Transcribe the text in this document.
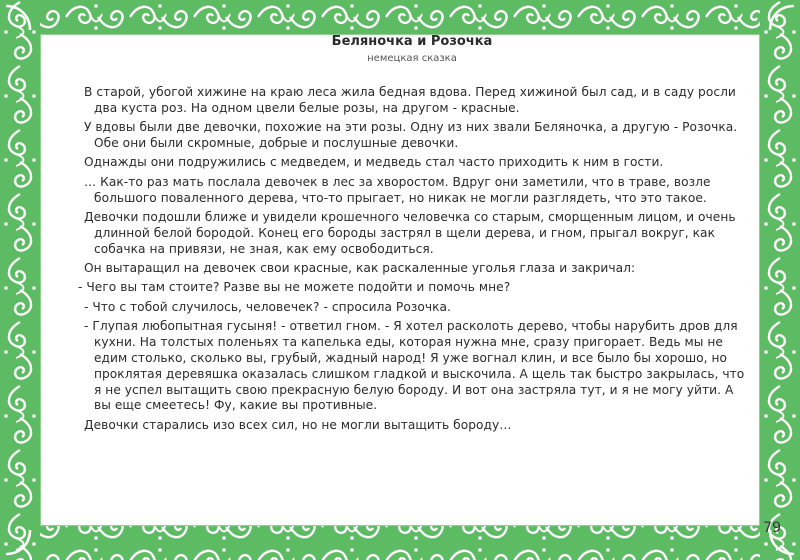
Беляночка и Розочка

немецкая сказка

В старой, убогой хижине на краю леса жила бедная вдова. Перед хижиной был сад, и в саду росли два куста роз. На одном цвели белые розы, на другом - красные.

У вдовы были две девочки, похожие на эти розы. Одну из них звали Беляночка, а другую - Розочка. Обе они были скромные, добрые и послушные девочки.

Однажды они подружились с медведем, и медведь стал часто приходить к ним в гости.

… Как-то раз мать послала девочек в лес за хворостом. Вдруг они заметили, что в траве, возле большого поваленного дерева, что-то прыгает, но никак не могли разглядеть, что это такое.

Девочки подошли ближе и увидели крошечного человечка со старым, сморщенным лицом, и очень длинной белой бородой. Конец его бороды застрял в щели дерева, и гном, прыгал вокруг, как собачка на привязи, не зная, как ему освободиться.

Он вытаращил на девочек свои красные, как раскаленные уголья глаза и закричал:

- Чего вы там стоите? Разве вы не можете подойти и помочь мне?

- Что с тобой случилось, человечек? - спросила Розочка.

- Глупая любопытная гусыня! - ответил гном. - Я хотел расколоть дерево, чтобы нарубить дров для кухни. На толстых поленьях та капелька еды, которая нужна мне, сразу пригорает. Ведь мы не едим столько, сколько вы, грубый, жадный народ! Я уже вогнал клин, и все было бы хорошо, но проклятая деревяшка оказалась слишком гладкой и выскочила. А щель так быстро закрылась, что я не успел вытащить свою прекрасную белую бороду. И вот она застряла тут, и я не могу уйти. А вы еще смеетесь! Фу, какие вы противные.

Девочки старались изо всех сил, но не могли вытащить бороду…

79
